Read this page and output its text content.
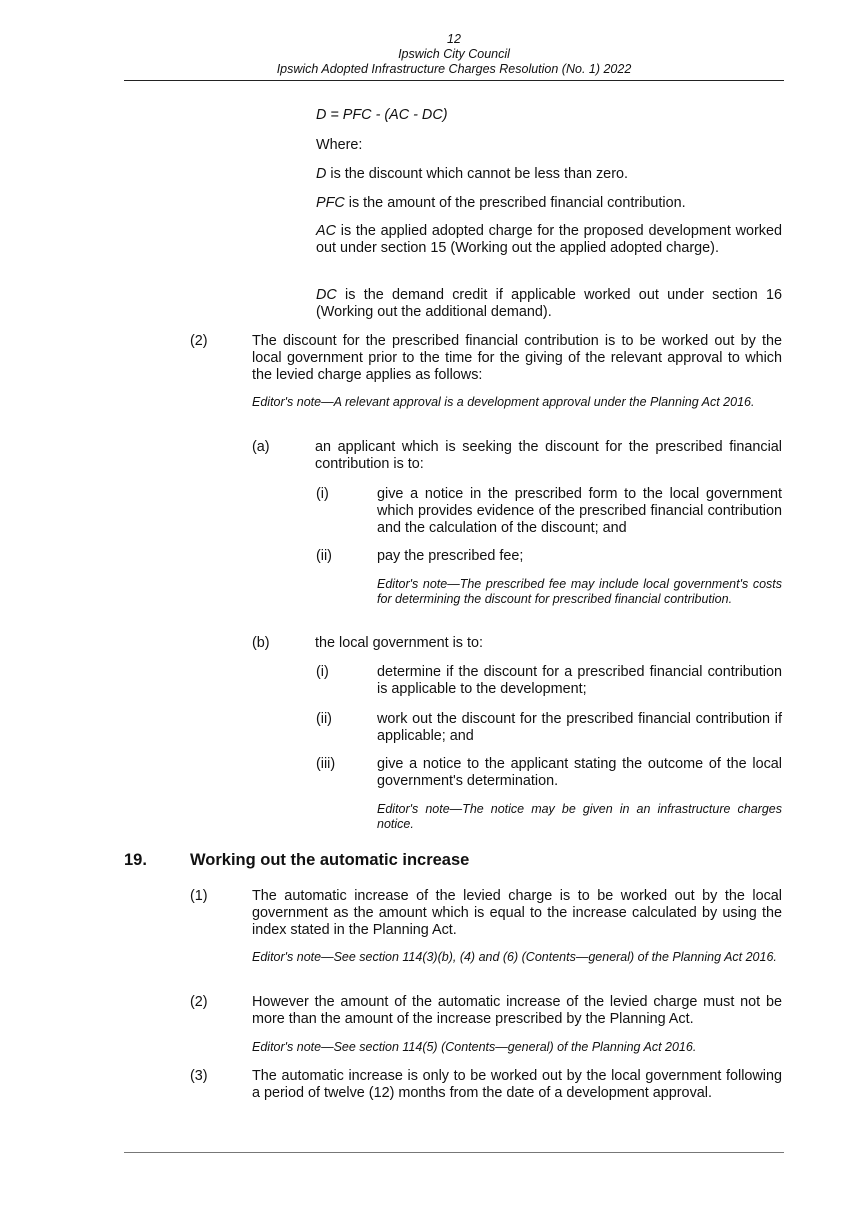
12
Ipswich City Council
Ipswich Adopted Infrastructure Charges Resolution (No. 1) 2022
D = PFC - (AC - DC)
Where:
D is the discount which cannot be less than zero.
PFC is the amount of the prescribed financial contribution.
AC is the applied adopted charge for the proposed development worked out under section 15 (Working out the applied adopted charge).
DC is the demand credit if applicable worked out under section 16 (Working out the additional demand).
(2)	The discount for the prescribed financial contribution is to be worked out by the local government prior to the time for the giving of the relevant approval to which the levied charge applies as follows:
Editor's note—A relevant approval is a development approval under the Planning Act 2016.
(a)	an applicant which is seeking the discount for the prescribed financial contribution is to:
(i)	give a notice in the prescribed form to the local government which provides evidence of the prescribed financial contribution and the calculation of the discount; and
(ii)	pay the prescribed fee;
Editor's note—The prescribed fee may include local government's costs for determining the discount for prescribed financial contribution.
(b)	the local government is to:
(i)	determine if the discount for a prescribed financial contribution is applicable to the development;
(ii)	work out the discount for the prescribed financial contribution if applicable; and
(iii)	give a notice to the applicant stating the outcome of the local government's determination.
Editor's note—The notice may be given in an infrastructure charges notice.
19.	Working out the automatic increase
(1)	The automatic increase of the levied charge is to be worked out by the local government as the amount which is equal to the increase calculated by using the index stated in the Planning Act.
Editor's note—See section 114(3)(b), (4) and (6) (Contents—general) of the Planning Act 2016.
(2)	However the amount of the automatic increase of the levied charge must not be more than the amount of the increase prescribed by the Planning Act.
Editor's note—See section 114(5) (Contents—general) of the Planning Act 2016.
(3)	The automatic increase is only to be worked out by the local government following a period of twelve (12) months from the date of a development approval.
